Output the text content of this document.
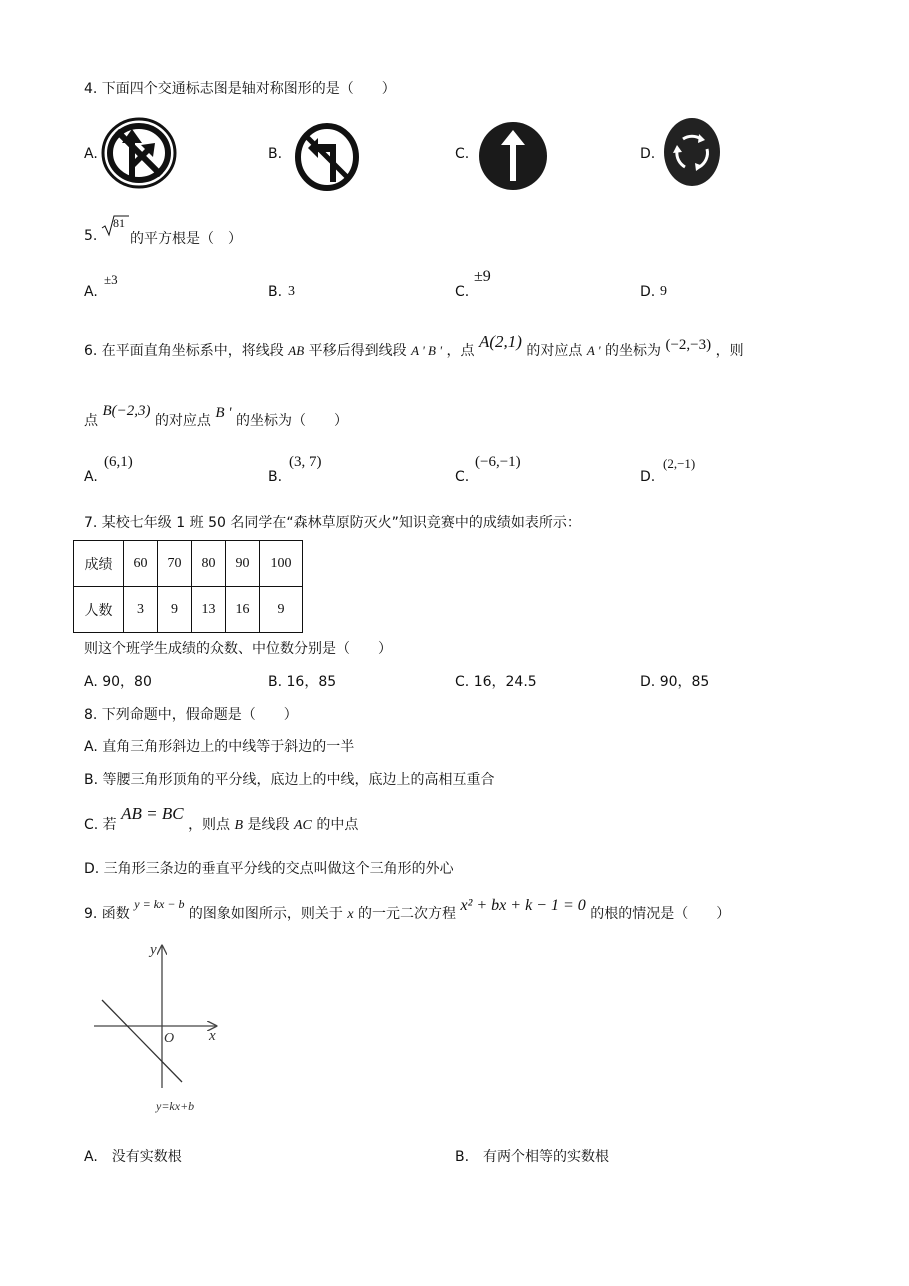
4. 下面四个交通标志图是轴对称图形的是（　　）
A.	B.	C.	D.
5.
81
的平方根是（　）
A.
±3
B. 3	C.
±9
D. 9
6. 在平面直角坐标系中，将线段 AB 平移后得到线段 A ' B ' ，点 A(2,1) 的对应点 A ' 的坐标为 (−2,−3) ，则
点 B(−2,3) 的对应点 B ' 的坐标为（　　）
A.
(6,1)
B.
(3, 7)
C.
(−6,−1)
D.
(2,−1)
7. 某校七年级 1 班 50 名同学在“森林草原防灭火”知识竞赛中的成绩如表所示：
成绩	60	70	80	90	100
人数	3	9	13	16	9
则这个班学生成绩的众数、中位数分别是（　　）
A. 90，80	B. 16，85	C. 16，24.5	D. 90，85
8. 下列命题中，假命题是（　　）
A. 直角三角形斜边上的中线等于斜边的一半
B. 等腰三角形顶角的平分线，底边上的中线，底边上的高相互重合
C. 若 AB = BC ，则点 B 是线段 AC 的中点
D. 三角形三条边的垂直平分线的交点叫做这个三角形的外心
9. 函数 y = kx − b 的图象如图所示，则关于 x 的一元二次方程 x² + bx + k − 1 = 0 的根的情况是（　　）
y
x
O
y=kx+b
A.　没有实数根	B.　有两个相等的实数根
